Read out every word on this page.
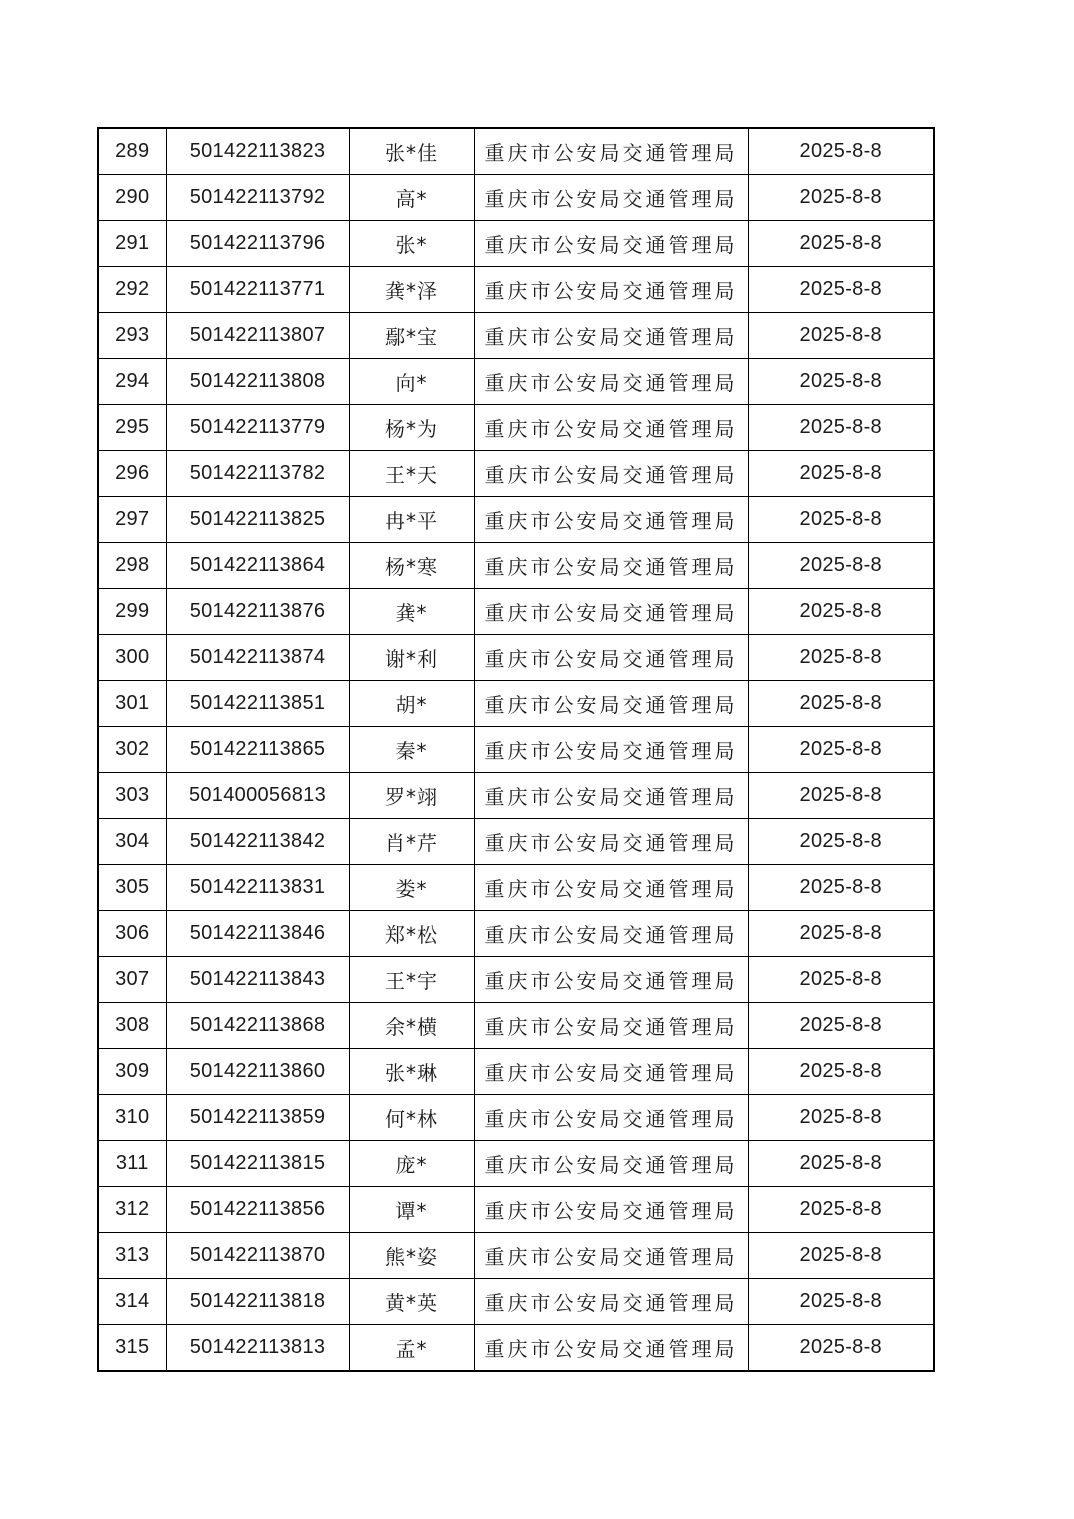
289	501422113823	张*佳	重庆市公安局交通管理局	2025-8-8
290	501422113792	高*	重庆市公安局交通管理局	2025-8-8
291	501422113796	张*	重庆市公安局交通管理局	2025-8-8
292	501422113771	龚*泽	重庆市公安局交通管理局	2025-8-8
293	501422113807	鄢*宝	重庆市公安局交通管理局	2025-8-8
294	501422113808	向*	重庆市公安局交通管理局	2025-8-8
295	501422113779	杨*为	重庆市公安局交通管理局	2025-8-8
296	501422113782	王*天	重庆市公安局交通管理局	2025-8-8
297	501422113825	冉*平	重庆市公安局交通管理局	2025-8-8
298	501422113864	杨*寒	重庆市公安局交通管理局	2025-8-8
299	501422113876	龚*	重庆市公安局交通管理局	2025-8-8
300	501422113874	谢*利	重庆市公安局交通管理局	2025-8-8
301	501422113851	胡*	重庆市公安局交通管理局	2025-8-8
302	501422113865	秦*	重庆市公安局交通管理局	2025-8-8
303	501400056813	罗*翊	重庆市公安局交通管理局	2025-8-8
304	501422113842	肖*芹	重庆市公安局交通管理局	2025-8-8
305	501422113831	娄*	重庆市公安局交通管理局	2025-8-8
306	501422113846	郑*松	重庆市公安局交通管理局	2025-8-8
307	501422113843	王*宇	重庆市公安局交通管理局	2025-8-8
308	501422113868	余*横	重庆市公安局交通管理局	2025-8-8
309	501422113860	张*琳	重庆市公安局交通管理局	2025-8-8
310	501422113859	何*林	重庆市公安局交通管理局	2025-8-8
311	501422113815	庞*	重庆市公安局交通管理局	2025-8-8
312	501422113856	谭*	重庆市公安局交通管理局	2025-8-8
313	501422113870	熊*姿	重庆市公安局交通管理局	2025-8-8
314	501422113818	黄*英	重庆市公安局交通管理局	2025-8-8
315	501422113813	孟*	重庆市公安局交通管理局	2025-8-8
